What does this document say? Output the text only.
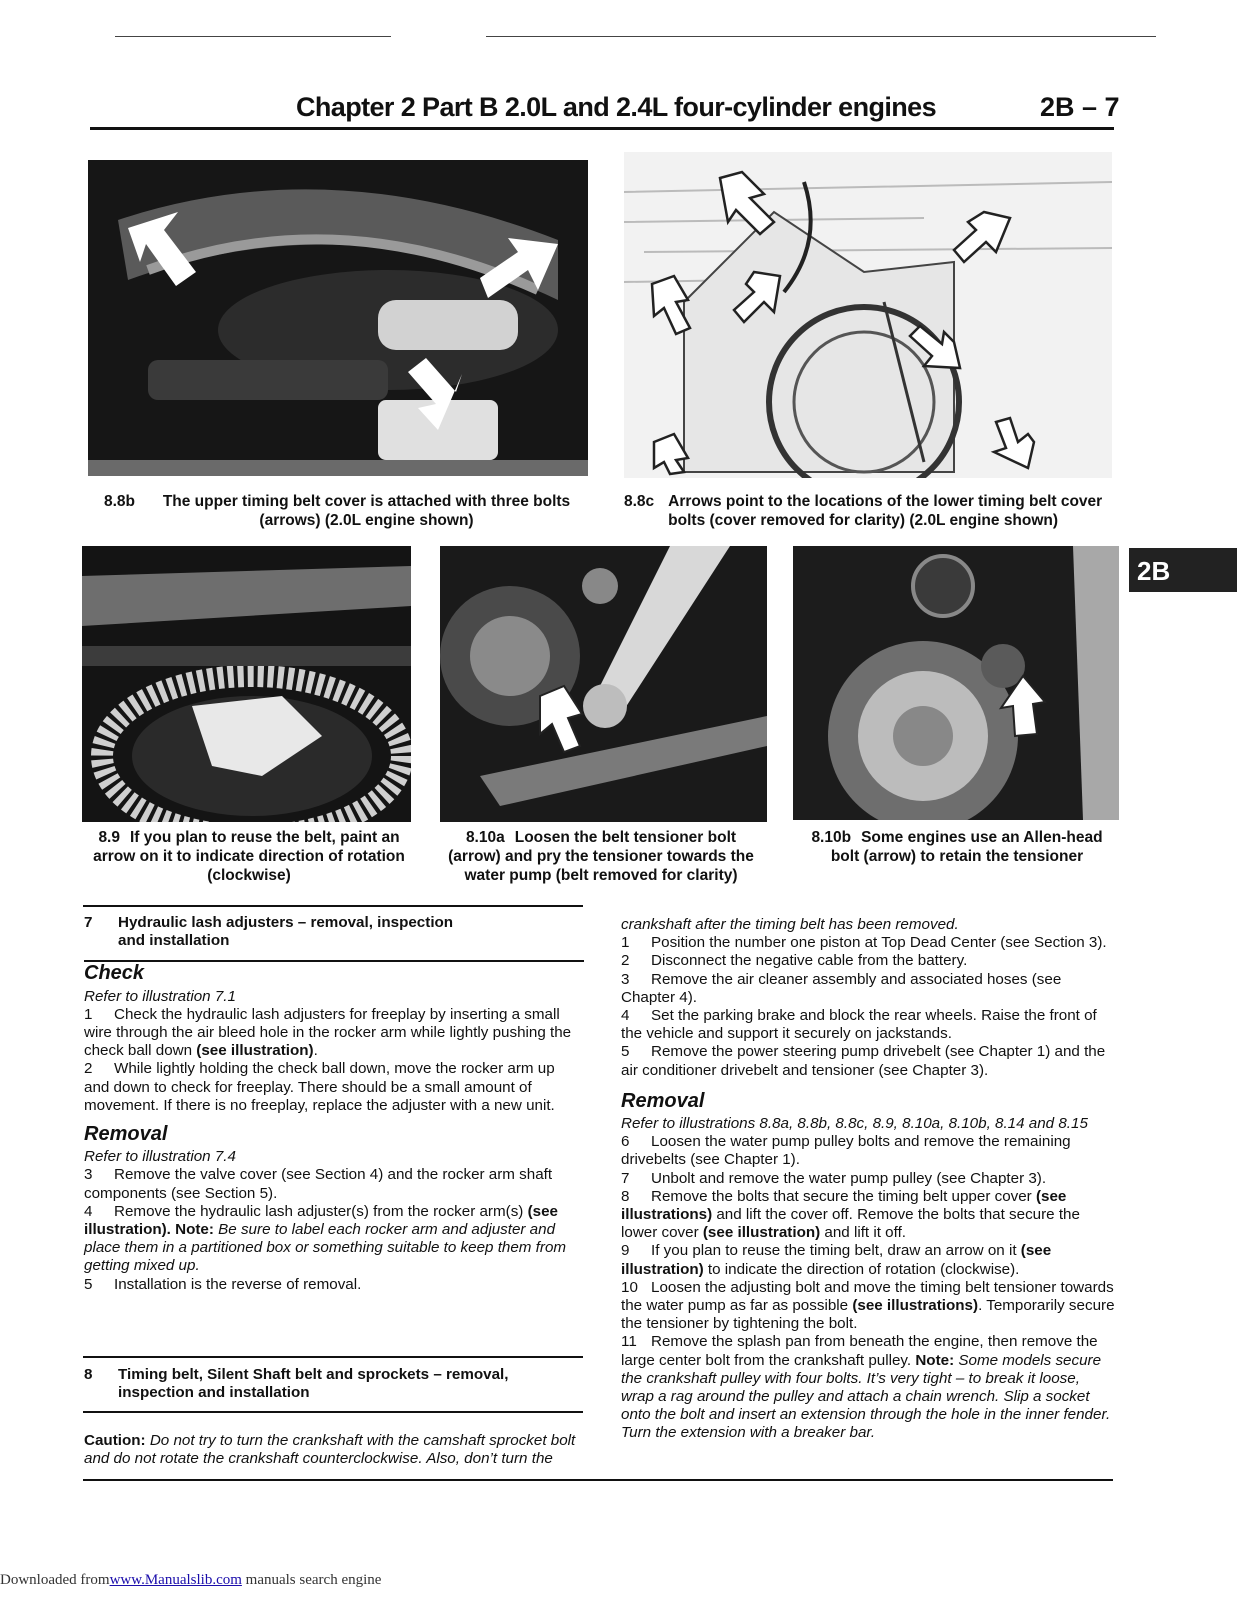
Chapter 2 Part B 2.0L and 2.4L four-cylinder engines	2B – 7
8.8b	The upper timing belt cover is attached with three bolts (arrows) (2.0L engine shown)
8.8c Arrows point to the locations of the lower timing belt cover bolts (cover removed for clarity) (2.0L engine shown)
2B
8.9 If you plan to reuse the belt, paint an arrow on it to indicate direction of rotation (clockwise)
8.10a Loosen the belt tensioner bolt (arrow) and pry the tensioner towards the water pump (belt removed for clarity)
8.10b Some engines use an Allen-head bolt (arrow) to retain the tensioner
7	Hydraulic lash adjusters – removal, inspection and installation
Check

Refer to illustration 7.1

1 Check the hydraulic lash adjusters for freeplay by inserting a small wire through the air bleed hole in the rocker arm while lightly pushing the check ball down (see illustration).

2 While lightly holding the check ball down, move the rocker arm up and down to check for freeplay. There should be a small amount of movement. If there is no freeplay, replace the adjuster with a new unit.

Removal

Refer to illustration 7.4

3 Remove the valve cover (see Section 4) and the rocker arm shaft components (see Section 5).

4 Remove the hydraulic lash adjuster(s) from the rocker arm(s) (see illustration). Note: Be sure to label each rocker arm and adjuster and place them in a partitioned box or something suitable to keep them from getting mixed up.

5 Installation is the reverse of removal.

8	Timing belt, Silent Shaft belt and sprockets – removal, inspection and installation

Caution: Do not try to turn the crankshaft with the camshaft sprocket bolt and do not rotate the crankshaft counterclockwise. Also, don’t turn the

crankshaft after the timing belt has been removed.

1 Position the number one piston at Top Dead Center (see Section 3).

2 Disconnect the negative cable from the battery.

3 Remove the air cleaner assembly and associated hoses (see Chapter 4).

4 Set the parking brake and block the rear wheels. Raise the front of the vehicle and support it securely on jackstands.

5 Remove the power steering pump drivebelt (see Chapter 1) and the air conditioner drivebelt and tensioner (see Chapter 3).

Removal

Refer to illustrations 8.8a, 8.8b, 8.8c, 8.9, 8.10a, 8.10b, 8.14 and 8.15

6 Loosen the water pump pulley bolts and remove the remaining drivebelts (see Chapter 1).

7 Unbolt and remove the water pump pulley (see Chapter 3).

8 Remove the bolts that secure the timing belt upper cover (see illustrations) and lift the cover off. Remove the bolts that secure the lower cover (see illustration) and lift it off.

9 If you plan to reuse the timing belt, draw an arrow on it (see illustration) to indicate the direction of rotation (clockwise).

10 Loosen the adjusting bolt and move the timing belt tensioner towards the water pump as far as possible (see illustrations). Temporarily secure the tensioner by tightening the bolt.

11 Remove the splash pan from beneath the engine, then remove the large center bolt from the crankshaft pulley. Note: Some models secure the crankshaft pulley with four bolts. It’s very tight – to break it loose, wrap a rag around the pulley and attach a chain wrench. Slip a socket onto the bolt and insert an extension through the hole in the inner fender. Turn the extension with a breaker bar.

Downloaded fromwww.Manualslib.com manuals search engine
